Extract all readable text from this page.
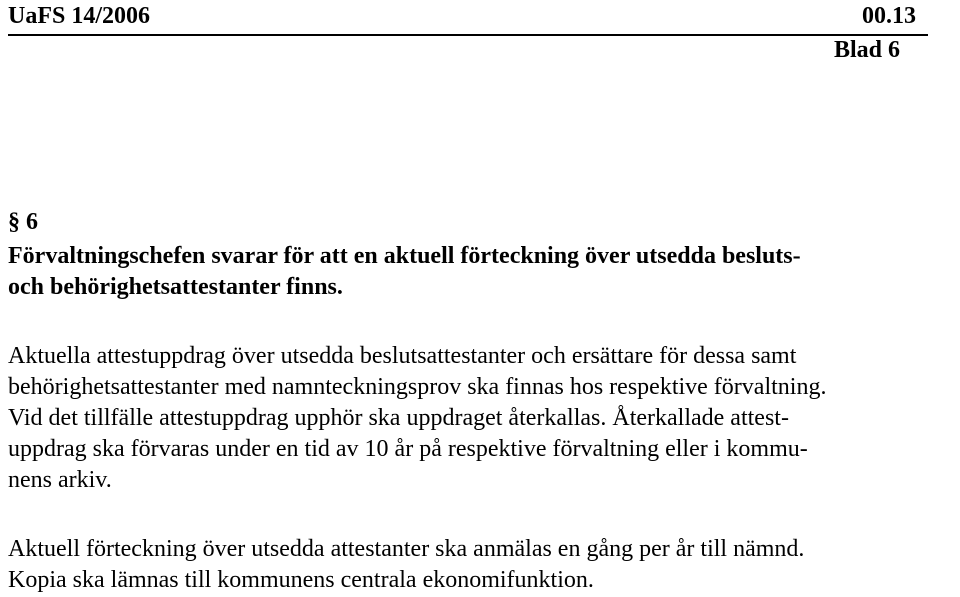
UaFS 14/2006	00.13
Blad 6
§ 6
Förvaltningschefen svarar för att en aktuell förteckning över utsedda besluts-
och behörighetsattestanter finns.
Aktuella attestuppdrag över utsedda beslutsattestanter och ersättare för dessa samt
behörighetsattestanter med namnteckningsprov ska finnas hos respektive förvaltning.
Vid det tillfälle attestuppdrag upphör ska uppdraget återkallas. Återkallade attest-
uppdrag ska förvaras under en tid av 10 år på respektive förvaltning eller i kommu-
nens arkiv.
Aktuell förteckning över utsedda attestanter ska anmälas en gång per år till nämnd.
Kopia ska lämnas till kommunens centrala ekonomifunktion.
